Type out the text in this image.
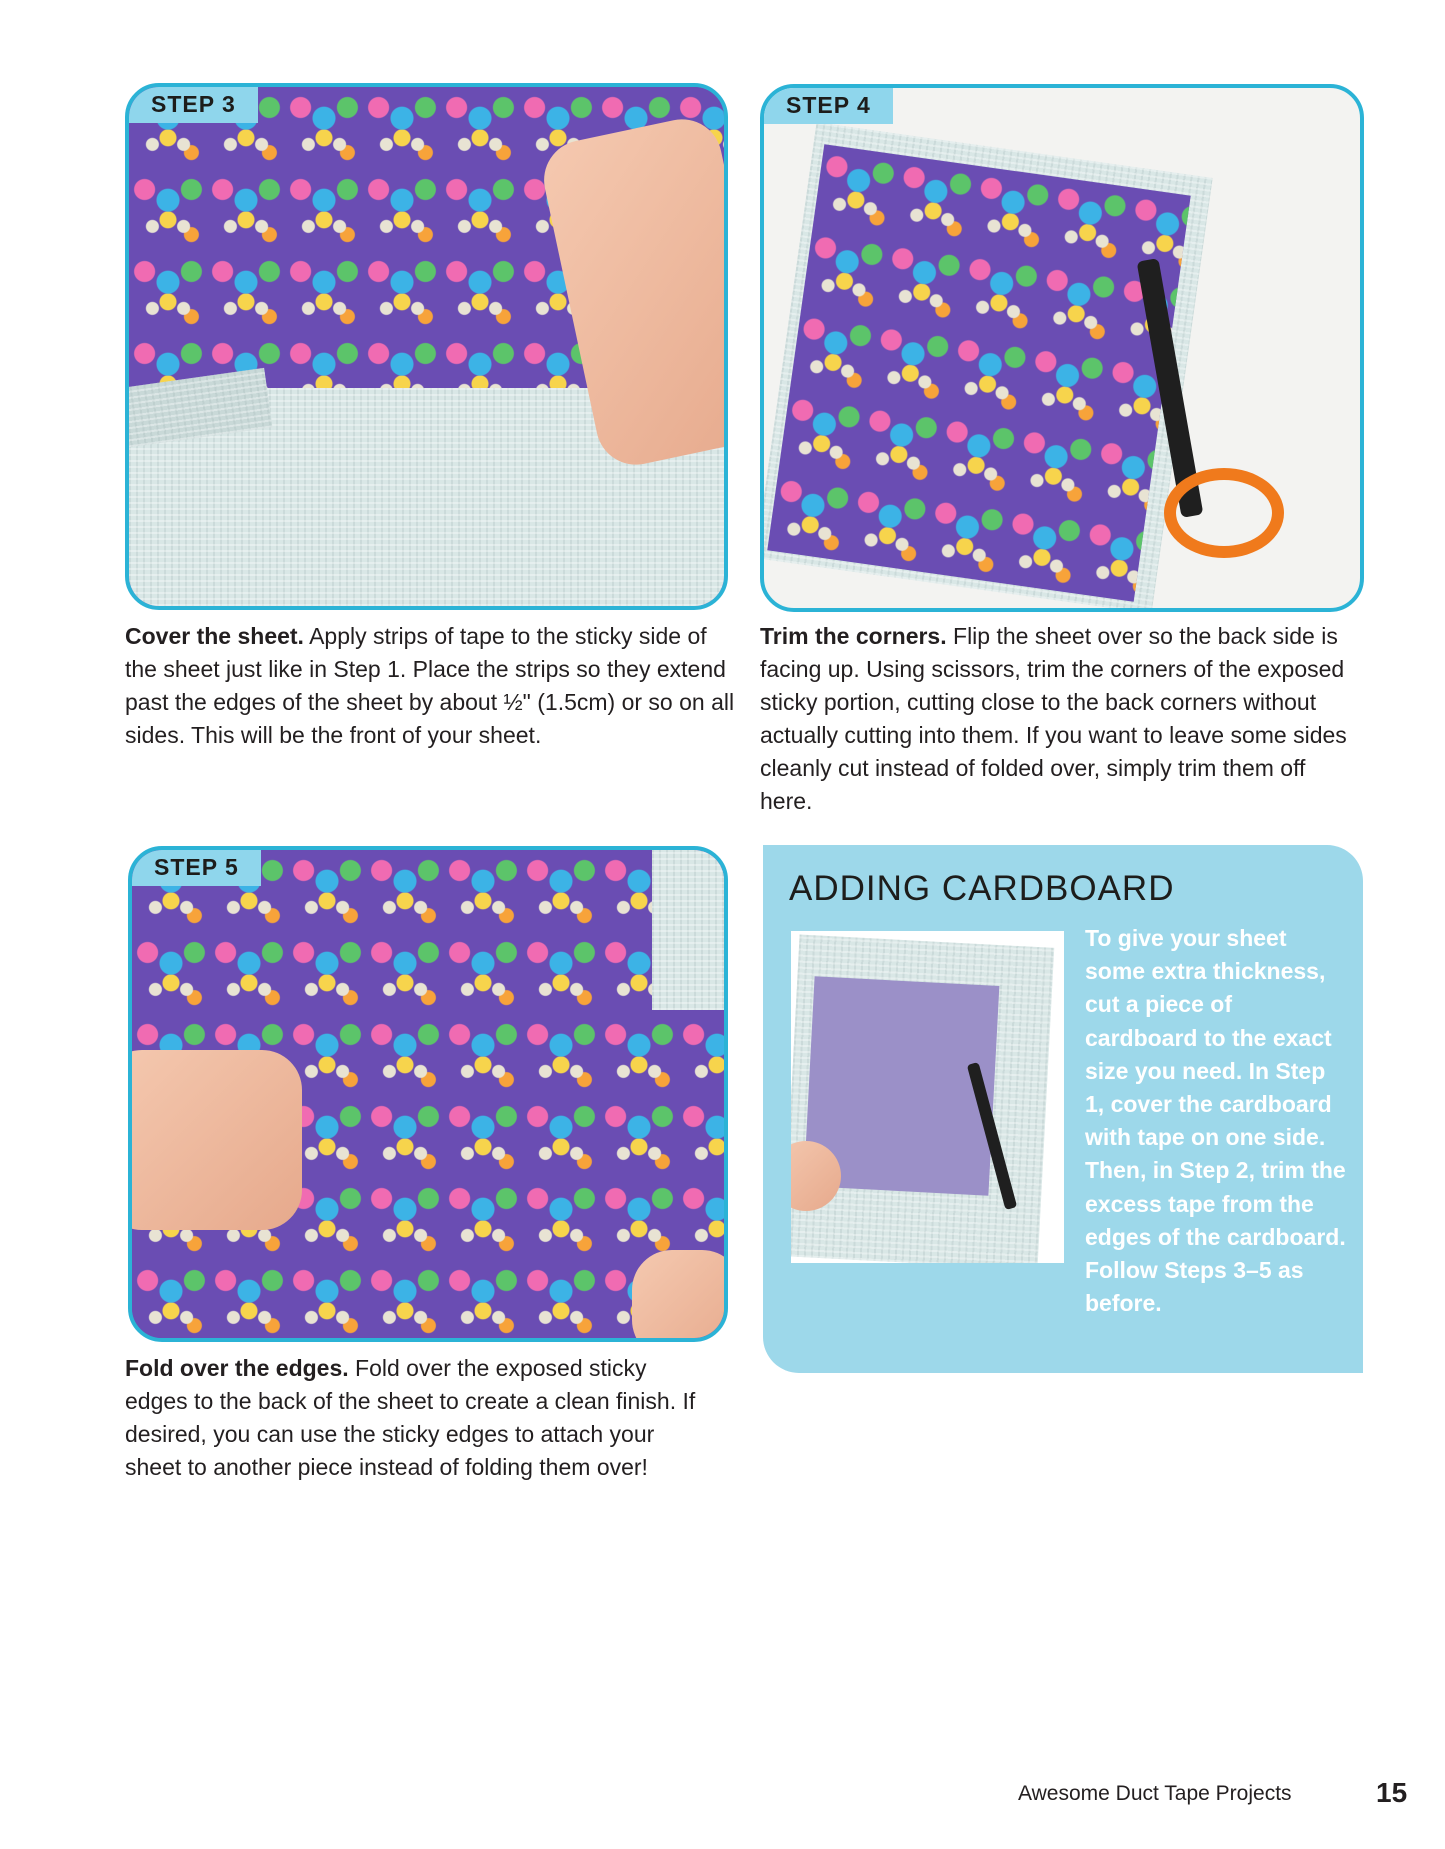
STEP 3
Cover the sheet. Apply strips of tape to the sticky side of the sheet just like in Step 1. Place the strips so they extend past the edges of the sheet by about ½" (1.5cm) or so on all sides. This will be the front of your sheet.
STEP 4
Trim the corners. Flip the sheet over so the back side is facing up. Using scissors, trim the corners of the exposed sticky portion, cutting close to the back corners without actually cutting into them. If you want to leave some sides cleanly cut instead of folded over, simply trim them off here.
STEP 5
Fold over the edges. Fold over the exposed sticky edges to the back of the sheet to create a clean finish. If desired, you can use the sticky edges to attach your sheet to another piece instead of folding them over!
ADDING CARDBOARD
To give your sheet some extra thickness, cut a piece of cardboard to the exact size you need. In Step 1, cover the cardboard with tape on one side. Then, in Step 2, trim the excess tape from the edges of the cardboard. Follow Steps 3–5 as before.
Awesome Duct Tape Projects	15
